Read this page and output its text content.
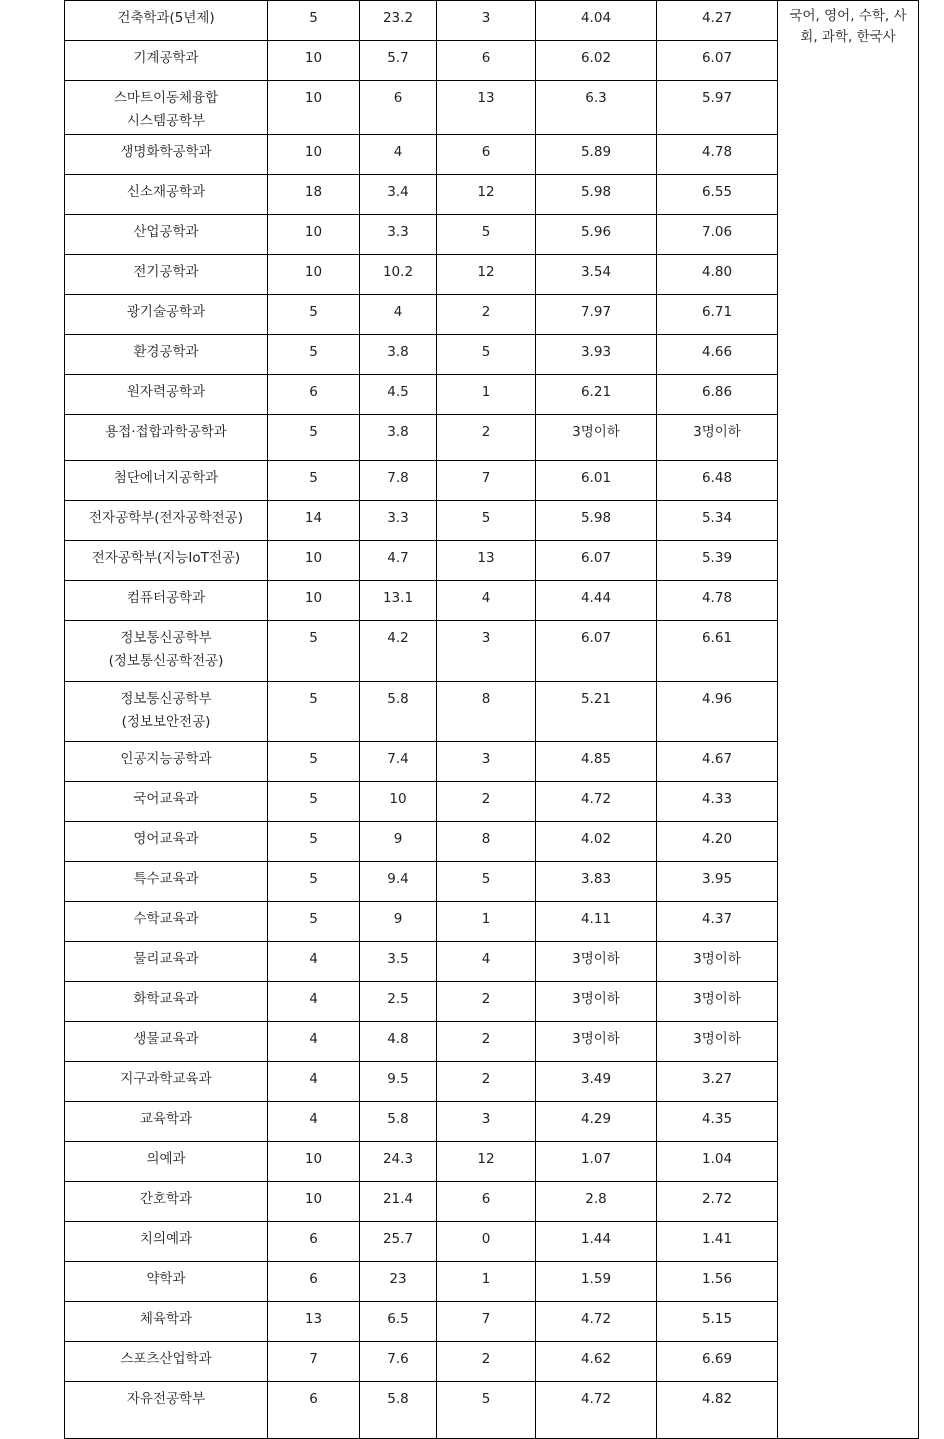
건축학과(5년제)	5	23.2	3	4.04	4.27	국어, 영어, 수학, 사회, 과학, 한국사
기계공학과	10	5.7	6	6.02	6.07	
스마트이동체융합
시스템공학부	10	6	13	6.3	5.97	
생명화학공학과	10	4	6	5.89	4.78	
신소재공학과	18	3.4	12	5.98	6.55	
산업공학과	10	3.3	5	5.96	7.06	
전기공학과	10	10.2	12	3.54	4.80	
광기술공학과	5	4	2	7.97	6.71	
환경공학과	5	3.8	5	3.93	4.66	
원자력공학과	6	4.5	1	6.21	6.86	
용접·접합과학공학과	5	3.8	2	3명이하	3명이하	
첨단에너지공학과	5	7.8	7	6.01	6.48	
전자공학부(전자공학전공)	14	3.3	5	5.98	5.34	
전자공학부(지능IoT전공)	10	4.7	13	6.07	5.39	
컴퓨터공학과	10	13.1	4	4.44	4.78	
정보통신공학부
(정보통신공학전공)	5	4.2	3	6.07	6.61	
정보통신공학부
(정보보안전공)	5	5.8	8	5.21	4.96	
인공지능공학과	5	7.4	3	4.85	4.67	
국어교육과	5	10	2	4.72	4.33	
영어교육과	5	9	8	4.02	4.20	
특수교육과	5	9.4	5	3.83	3.95	
수학교육과	5	9	1	4.11	4.37	
물리교육과	4	3.5	4	3명이하	3명이하	
화학교육과	4	2.5	2	3명이하	3명이하	
생물교육과	4	4.8	2	3명이하	3명이하	
지구과학교육과	4	9.5	2	3.49	3.27	
교육학과	4	5.8	3	4.29	4.35	
의예과	10	24.3	12	1.07	1.04	
간호학과	10	21.4	6	2.8	2.72	
치의예과	6	25.7	0	1.44	1.41	
약학과	6	23	1	1.59	1.56	
체육학과	13	6.5	7	4.72	5.15	
스포츠산업학과	7	7.6	2	4.62	6.69	
자유전공학부	6	5.8	5	4.72	4.82	
